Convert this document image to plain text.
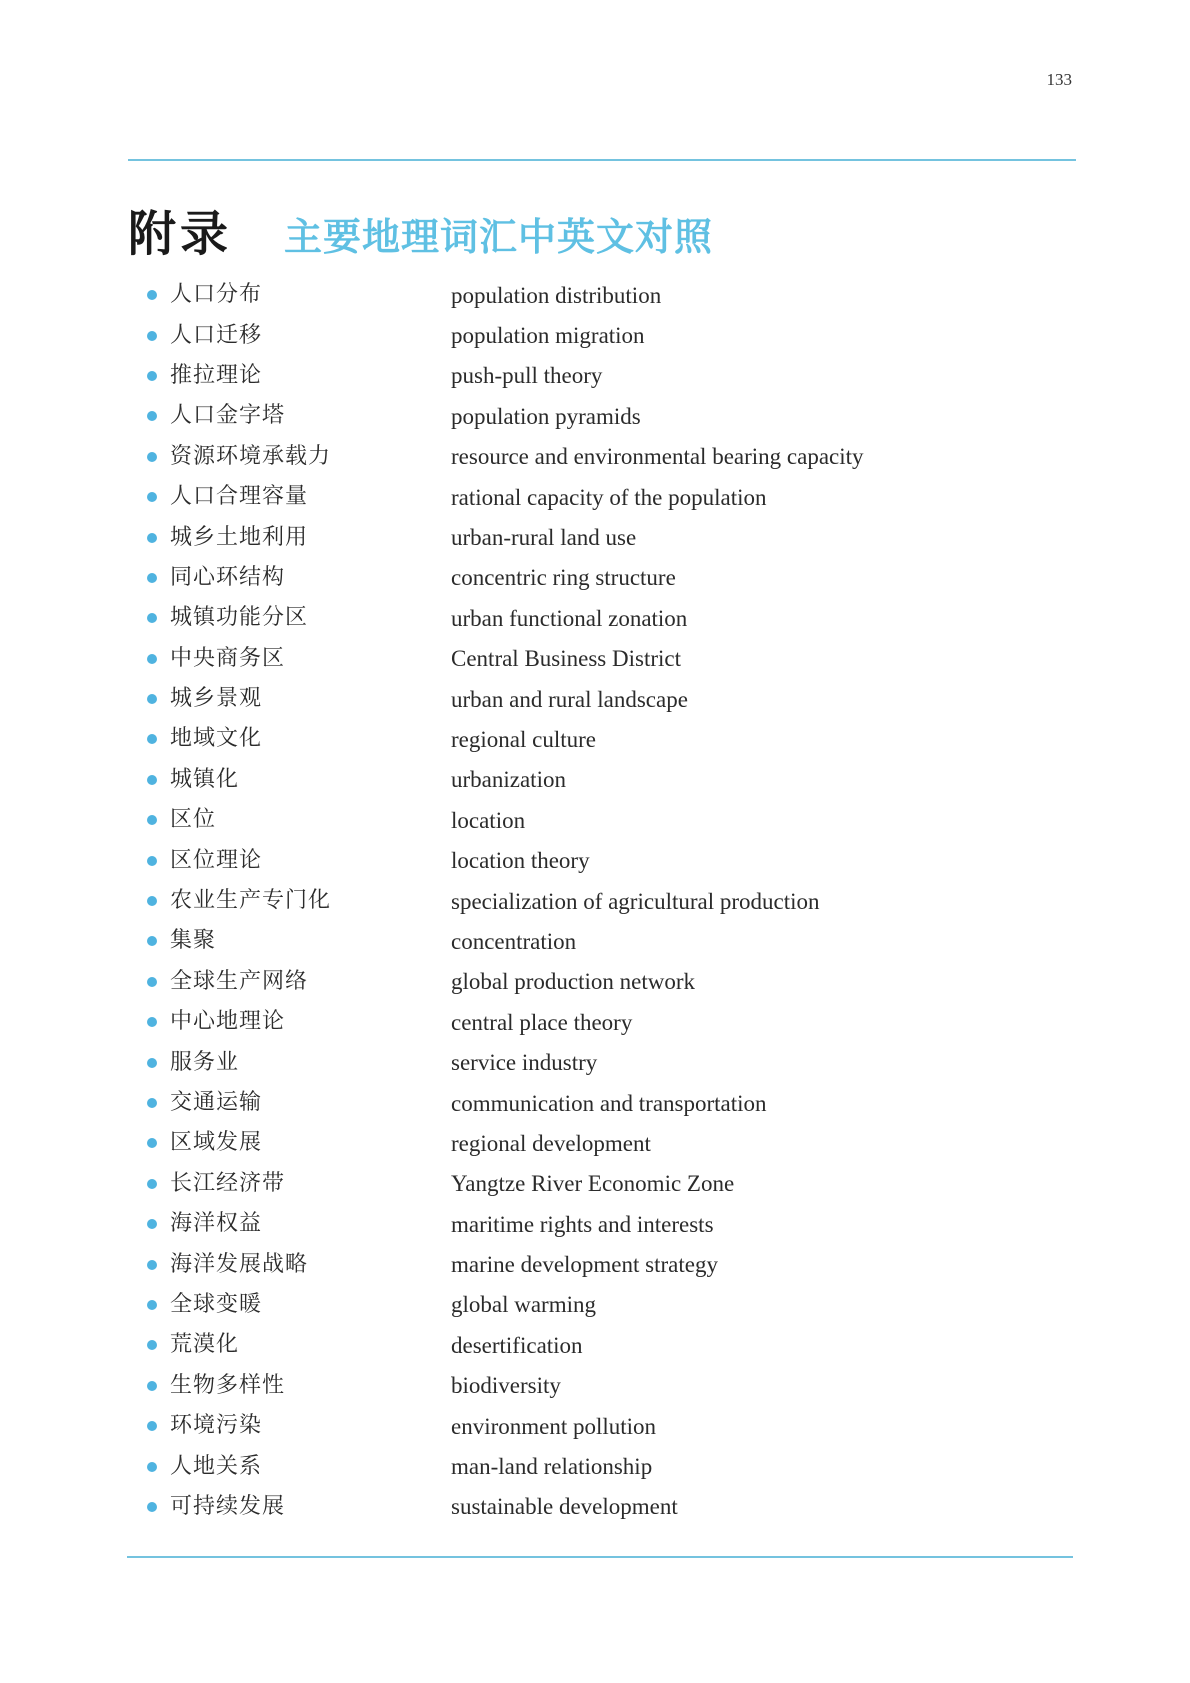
133
附录 主要地理词汇中英文对照
人口分布	population distribution
人口迁移	population migration
推拉理论	push-pull theory
人口金字塔	population pyramids
资源环境承载力	resource and environmental bearing capacity
人口合理容量	rational capacity of the population
城乡土地利用	urban-rural land use
同心环结构	concentric ring structure
城镇功能分区	urban functional zonation
中央商务区	Central Business District
城乡景观	urban and rural landscape
地域文化	regional culture
城镇化	urbanization
区位	location
区位理论	location theory
农业生产专门化	specialization of agricultural production
集聚	concentration
全球生产网络	global production network
中心地理论	central place theory
服务业	service industry
交通运输	communication and transportation
区域发展	regional development
长江经济带	Yangtze River Economic Zone
海洋权益	maritime rights and interests
海洋发展战略	marine development strategy
全球变暖	global warming
荒漠化	desertification
生物多样性	biodiversity
环境污染	environment pollution
人地关系	man-land relationship
可持续发展	sustainable development
